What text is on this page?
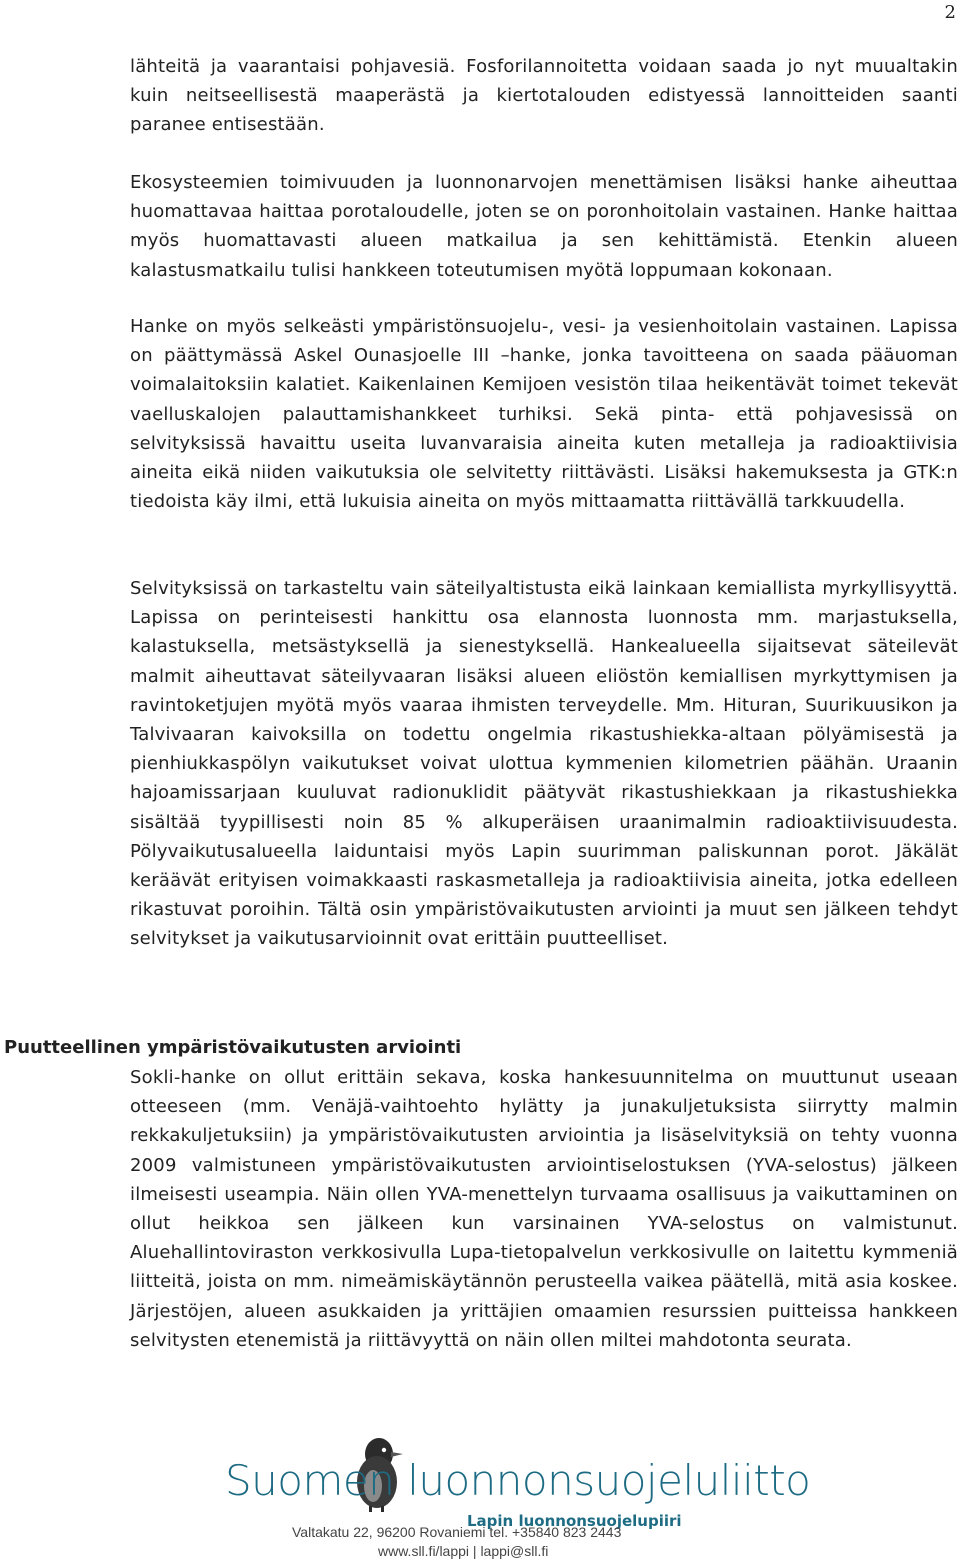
2

lähteitä ja vaarantaisi pohjavesiä. Fosforilannoitetta voidaan saada jo nyt muualtakin kuin neitseellisestä maaperästä ja kiertotalouden edistyessä lannoitteiden saanti paranee entisestään.

Ekosysteemien toimivuuden ja luonnonarvojen menettämisen lisäksi hanke aiheuttaa huomattavaa haittaa porotaloudelle, joten se on poronhoitolain vastainen. Hanke haittaa myös huomattavasti alueen matkailua ja sen kehittämistä. Etenkin alueen kalastusmatkailu tulisi hankkeen toteutumisen myötä loppumaan kokonaan.

Hanke on myös selkeästi ympäristönsuojelu-, vesi- ja vesienhoitolain vastainen. Lapissa on päättymässä Askel Ounasjoelle III –hanke, jonka tavoitteena on saada pääuoman voimalaitoksiin kalatiet. Kaikenlainen Kemijoen vesistön tilaa heikentävät toimet tekevät vaelluskalojen palauttamishankkeet turhiksi. Sekä pinta- että pohjavesissä on selvityksissä havaittu useita luvanvaraisia aineita kuten metalleja ja radioaktiivisia aineita eikä niiden vaikutuksia ole selvitetty riittävästi. Lisäksi hakemuksesta ja GTK:n tiedoista käy ilmi, että lukuisia aineita on myös mittaamatta riittävällä tarkkuudella.

Selvityksissä on tarkasteltu vain säteilyaltistusta eikä lainkaan kemiallista myrkyllisyyttä. Lapissa on perinteisesti hankittu osa elannosta luonnosta mm. marjastuksella, kalastuksella, metsästyksellä ja sienestyksellä. Hankealueella sijaitsevat säteilevät malmit aiheuttavat säteilyvaaran lisäksi alueen eliöstön kemiallisen myrkyttymisen ja ravintoketjujen myötä myös vaaraa ihmisten terveydelle. Mm. Hituran, Suurikuusikon ja Talvivaaran kaivoksilla on todettu ongelmia rikastushiekka-altaan pölyämisestä ja pienhiukkaspölyn vaikutukset voivat ulottua kymmenien kilometrien päähän. Uraanin hajoamissarjaan kuuluvat radionuklidit päätyvät rikastushiekkaan ja rikastushiekka sisältää tyypillisesti noin 85 % alkuperäisen uraanimalmin radioaktiivisuudesta. Pölyvaikutusalueella laiduntaisi myös Lapin suurimman paliskunnan porot. Jäkälät keräävät erityisen voimakkaasti raskasmetalleja ja radioaktiivisia aineita, jotka edelleen rikastuvat poroihin. Tältä osin ympäristövaikutusten arviointi ja muut sen jälkeen tehdyt selvitykset ja vaikutusarvioinnit ovat erittäin puutteelliset.

Puutteellinen ympäristövaikutusten arviointi

Sokli-hanke on ollut erittäin sekava, koska hankesuunnitelma on muuttunut useaan otteeseen (mm. Venäjä-vaihtoehto hylätty ja junakuljetuksista siirrytty malmin rekkakuljetuksiin) ja ympäristövaikutusten arviointia ja lisäselvityksiä on tehty vuonna 2009 valmistuneen ympäristövaikutusten arviointiselostuksen (YVA-selostus) jälkeen ilmeisesti useampia. Näin ollen YVA-menettelyn turvaama osallisuus ja vaikuttaminen on ollut heikkoa sen jälkeen kun varsinainen YVA-selostus on valmistunut. Aluehallintoviraston verkkosivulla Lupa-tietopalvelun verkkosivulle on laitettu kymmeniä liitteitä, joista on mm. nimeämiskäytännön perusteella vaikea päätellä, mitä asia koskee. Järjestöjen, alueen asukkaiden ja yrittäjien omaamien resurssien puitteissa hankkeen selvitysten etenemistä ja riittävyyttä on näin ollen miltei mahdotonta seurata.

Suomen luonnonsuojeluliitto
Lapin luonnonsuojelupiiri
Valtakatu 22, 96200 Rovaniemi tel. +35840 823 2443
www.sll.fi/lappi | lappi@sll.fi
